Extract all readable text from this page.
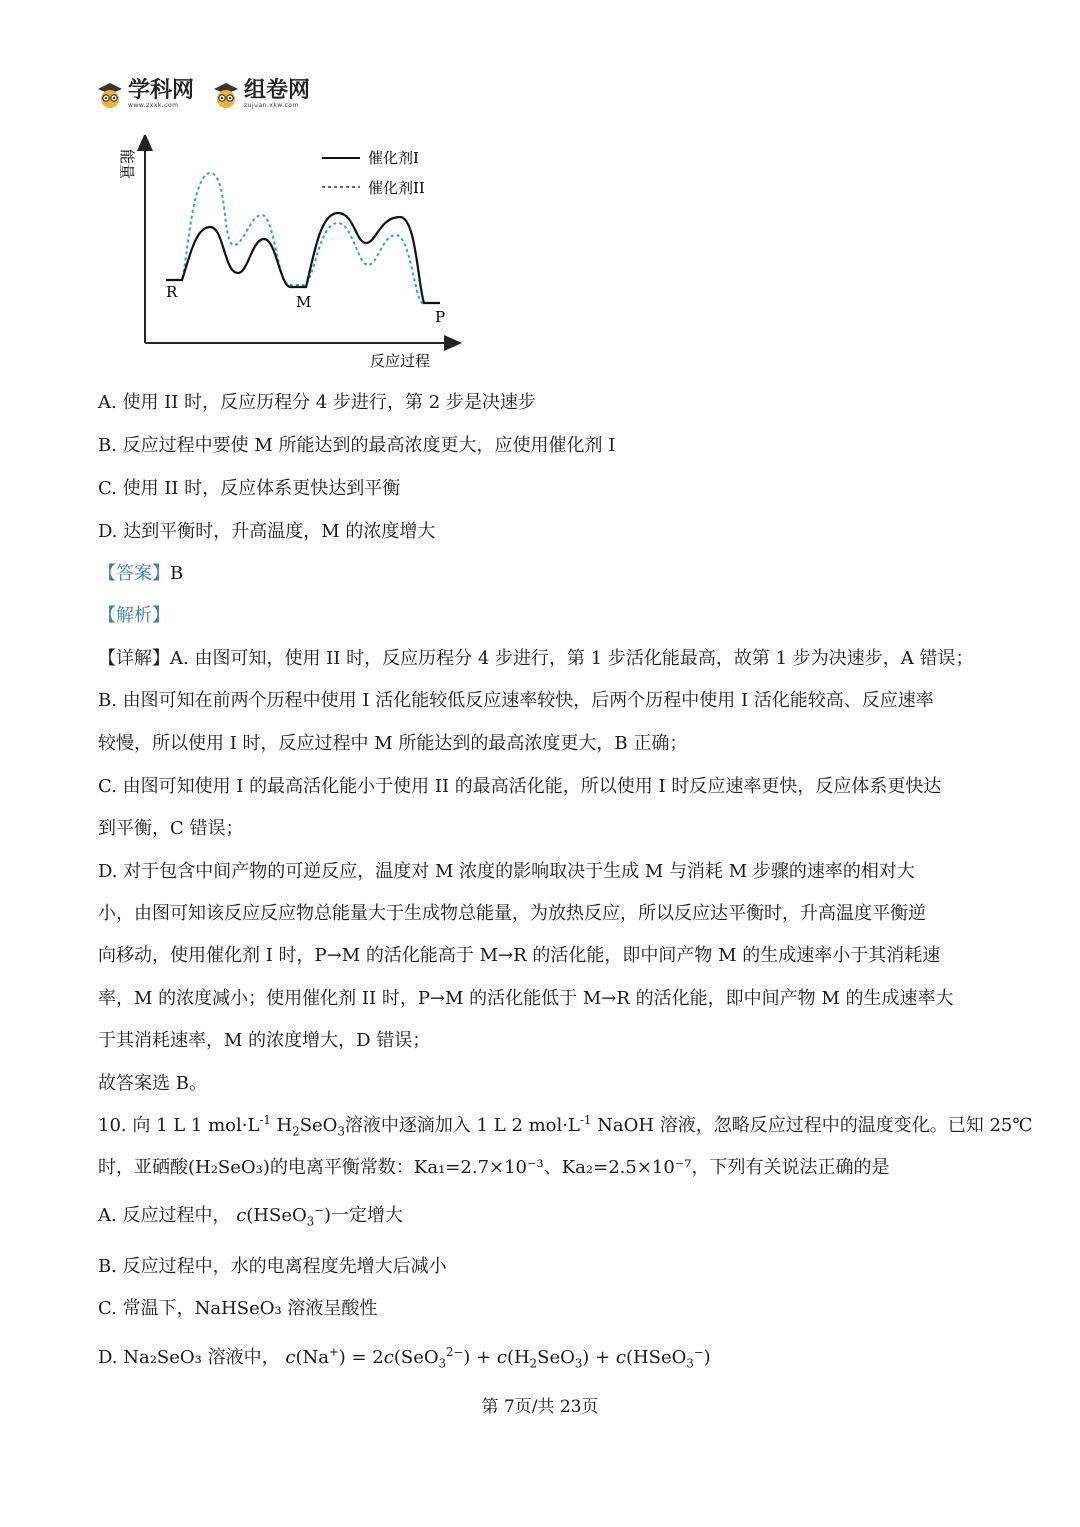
学科网
www.zxxk.com
组卷网
zujuan.xkw.com
能量
反应过程
催化剂I
催化剂II
R
M
P
A. 使用 II 时，反应历程分 4 步进行，第 2 步是决速步
B. 反应过程中要使 M 所能达到的最高浓度更大，应使用催化剂 I
C. 使用 II 时，反应体系更快达到平衡
D. 达到平衡时，升高温度，M 的浓度增大
【答案】B
【解析】
【详解】A. 由图可知，使用 II 时，反应历程分 4 步进行，第 1 步活化能最高，故第 1 步为决速步，A 错误；
B. 由图可知在前两个历程中使用 I 活化能较低反应速率较快，后两个历程中使用 I 活化能较高、反应速率
较慢，所以使用 I 时，反应过程中 M 所能达到的最高浓度更大，B 正确；
C. 由图可知使用 I 的最高活化能小于使用 II 的最高活化能，所以使用 I 时反应速率更快，反应体系更快达
到平衡，C 错误；
D. 对于包含中间产物的可逆反应，温度对 M 浓度的影响取决于生成 M 与消耗 M 步骤的速率的相对大
小，由图可知该反应反应物总能量大于生成物总能量，为放热反应，所以反应达平衡时，升高温度平衡逆
向移动，使用催化剂 I 时，P→M 的活化能高于 M→R 的活化能，即中间产物 M 的生成速率小于其消耗速
率，M 的浓度减小；使用催化剂 II 时，P→M 的活化能低于 M→R 的活化能，即中间产物 M 的生成速率大
于其消耗速率，M 的浓度增大，D 错误；
故答案选 B。
10. 向 1 L 1 $mol\cdot L^{-1}$ $H_2SeO_3$溶液中逐滴加入 1 L 2 $mol\cdot L^{-1}$ NaOH 溶液，忽略反应过程中的温度变化。已知 25℃
时，亚硒酸(H₂SeO₃)的电离平衡常数：Ka₁=2.7×10⁻³、Ka₂=2.5×10⁻⁷，下列有关说法正确的是
A. 反应过程中， c(HSeO$_3$−)一定增大
B. 反应过程中，水的电离程度先增大后减小
C. 常温下，NaHSeO₃ 溶液呈酸性
D. Na₂SeO₃ 溶液中， $c(Na^+) = 2c(SeO_3^{2-}) + c(H_2SeO_3)$ + c(HSeO$_3$−)
第 7页/共 23页
